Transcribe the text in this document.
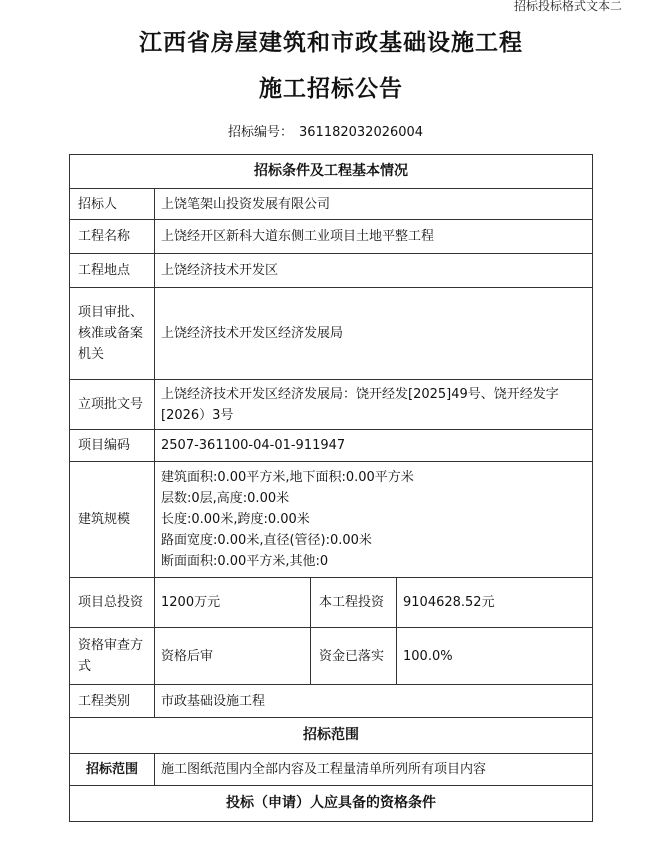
招标投标格式文本二
江西省房屋建筑和市政基础设施工程
施工招标公告
招标编号： 361182032026004
招标条件及工程基本情况			
招标人	上饶笔架山投资发展有限公司		
工程名称	上饶经开区新科大道东侧工业项目土地平整工程		
工程地点	上饶经济技术开发区		
项目审批、核准或备案机关	上饶经济技术开发区经济发展局		
立项批文号	上饶经济技术开发区经济发展局：饶开经发[2025]49号、饶开经发字[2026）3号		
项目编码	2507-361100-04-01-911947		
建筑规模	建筑面积:0.00平方米,地下面积:0.00平方米
层数:0层,高度:0.00米
长度:0.00米,跨度:0.00米
路面宽度:0.00米,直径(管径):0.00米
断面面积:0.00平方米,其他:0		

项目总投资	1200万元	本工程投资	9104628.52元
资格审查方式	资格后审	资金已落实	100.0%
工程类别	市政基础设施工程		
招标范围			
招标范围	施工图纸范围内全部内容及工程量清单所列所有项目内容		
投标（申请）人应具备的资格条件			
